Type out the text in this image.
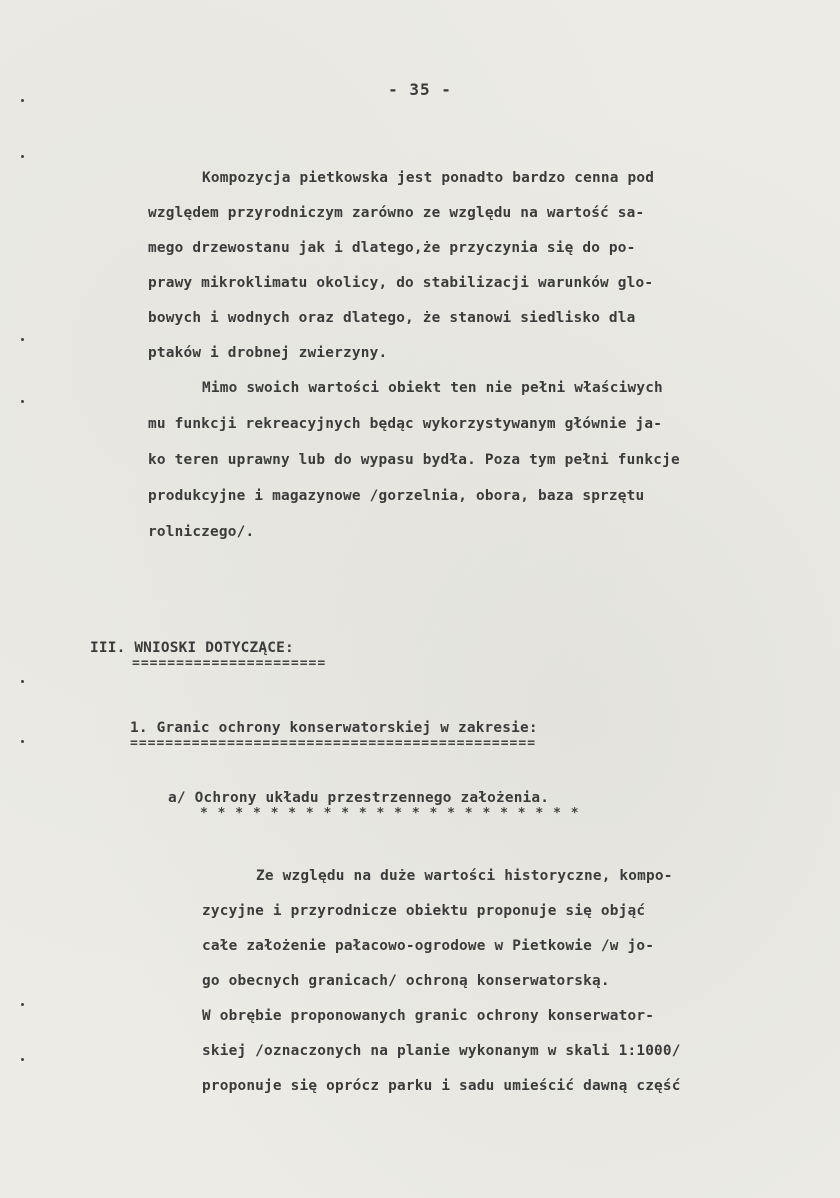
- 35 -
Kompozycja pietkowska jest ponadto bardzo cenna pod
względem przyrodniczym zarówno ze względu na wartość sa-
mego drzewostanu jak i dlatego,że przyczynia się do po-
prawy mikroklimatu okolicy, do stabilizacji warunków glo-
bowych i wodnych oraz dlatego, że stanowi siedlisko dla
ptaków i drobnej zwierzyny.
Mimo swoich wartości obiekt ten nie pełni właściwych
mu funkcji rekreacyjnych będąc wykorzystywanym głównie ja-
ko teren uprawny lub do wypasu bydła. Poza tym pełni funkcje
produkcyjne i magazynowe /gorzelnia, obora, baza sprzętu
rolniczego/.
III. WNIOSKI DOTYCZĄCE:
======================
1. Granic ochrony konserwatorskiej w zakresie:
==============================================
a/ Ochrony układu przestrzennego założenia.
* * * * * * * * * * * * * * * * * * * * * *
Ze względu na duże wartości historyczne, kompo-
zycyjne i przyrodnicze obiektu proponuje się objąć
całe założenie pałacowo-ogrodowe w Pietkowie /w jo-
go obecnych granicach/ ochroną konserwatorską.
W obrębie proponowanych granic ochrony konserwator-
skiej /oznaczonych na planie wykonanym w skali 1:1000/
proponuje się oprócz parku i sadu umieścić dawną część
